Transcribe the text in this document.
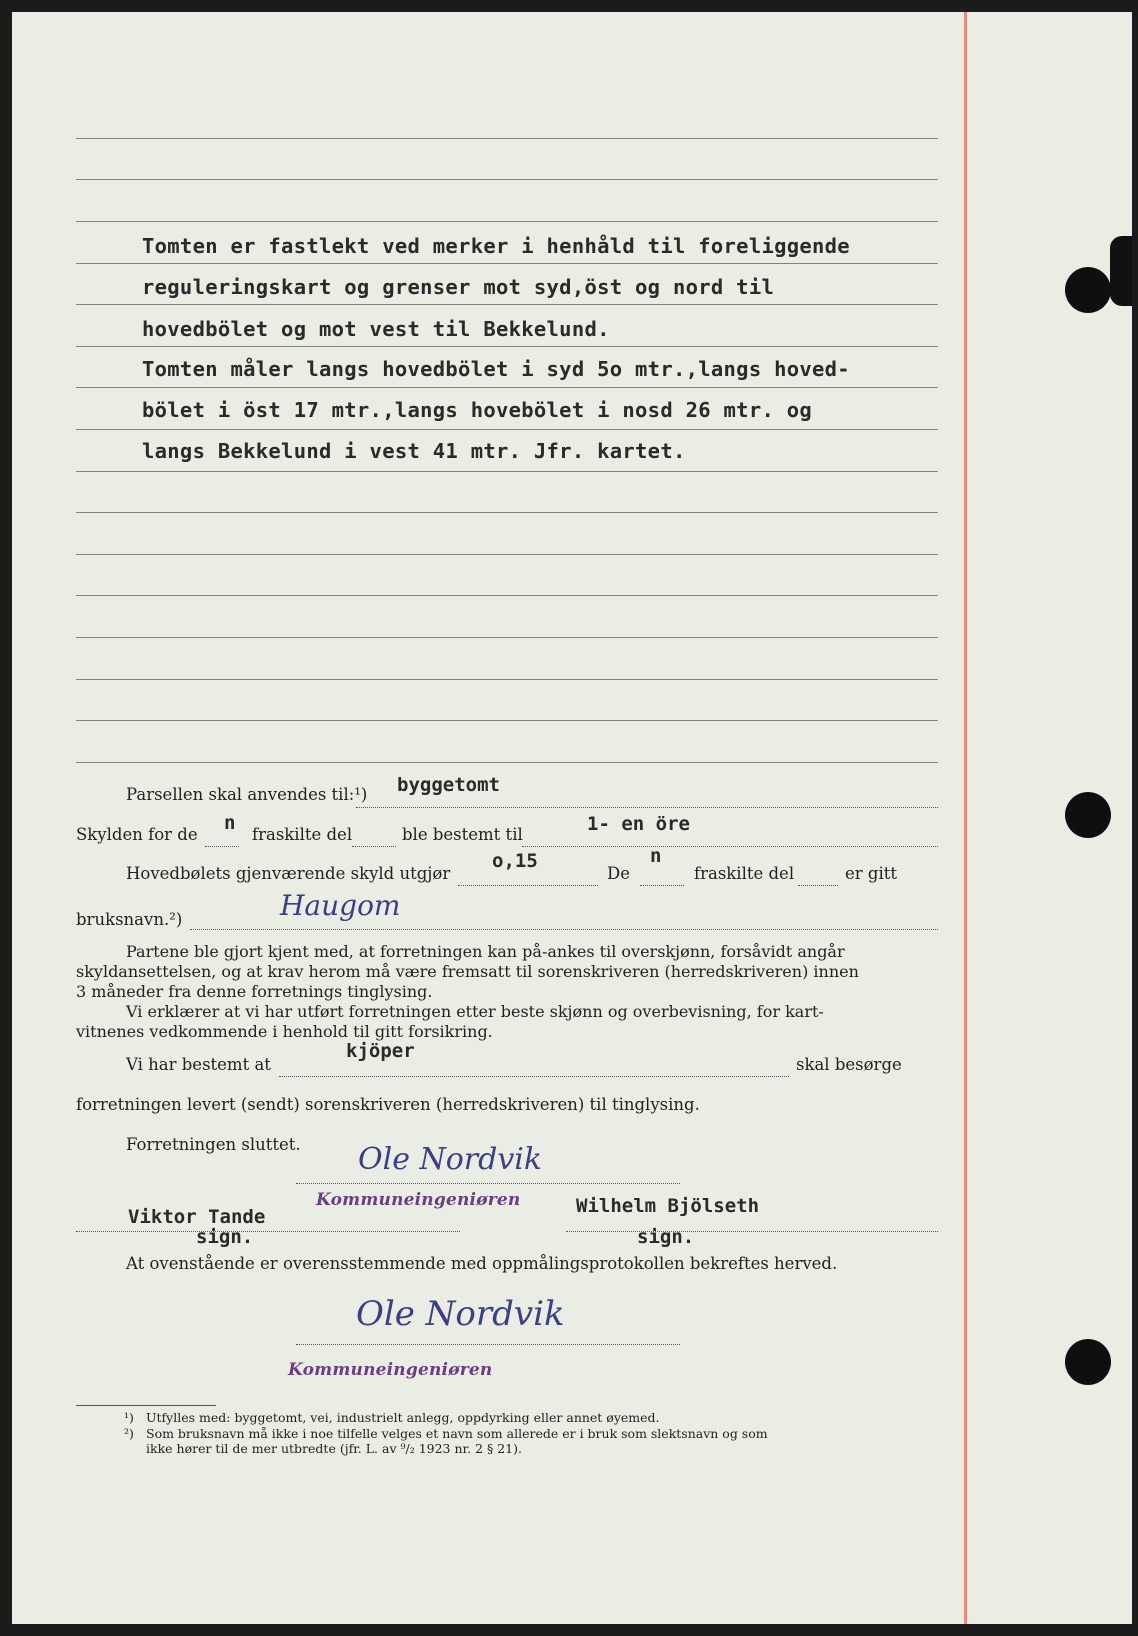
Tomten er fastlekt ved merker i henhåld til foreliggende
reguleringskart og grenser mot syd,öst og nord til
hovedbölet og mot vest til Bekkelund.
Tomten måler langs hovedbölet i syd 5o mtr.,langs hoved-
bölet i öst 17 mtr.,langs hovebölet i nosd 26 mtr. og
langs Bekkelund i vest 41 mtr. Jfr. kartet.
Parsellen skal anvendes til:¹) byggetomt
Skylden for de
n
fraskilte del	ble bestemt til	1- en öre
Hovedbølets gjenværende skyld utgjør
o,15
De
n
fraskilte del	er gitt
bruksnavn.²)	Haugom
Partene ble gjort kjent med, at forretningen kan på-ankes til overskjønn, forsåvidt angår
skyldansettelsen, og at krav herom må være fremsatt til sorenskriveren (herredskriveren) innen
3 måneder fra denne forretnings tinglysing.
Vi erklærer at vi har utført forretningen etter beste skjønn og overbevisning, for kart-
vitnenes vedkommende i henhold til gitt forsikring.
Vi har bestemt at
kjöper
skal besørge
forretningen levert (sendt) sorenskriveren (herredskriveren) til tinglysing.
Forretningen sluttet. Ole Nordvik
Kommuneingeniøren	Wilhelm Bjölseth
Viktor Tande
sign.	sign.
At ovenstående er overensstemmende med oppmålingsprotokollen bekreftes herved.
Ole Nordvik
Kommuneingeniøren
¹) Utfylles med: byggetomt, vei, industrielt anlegg, oppdyrking eller annet øyemed.
²) Som bruksnavn må ikke i noe tilfelle velges et navn som allerede er i bruk som slektsnavn og som
ikke hører til de mer utbredte (jfr. L. av ⁹/₂ 1923 nr. 2 § 21).
